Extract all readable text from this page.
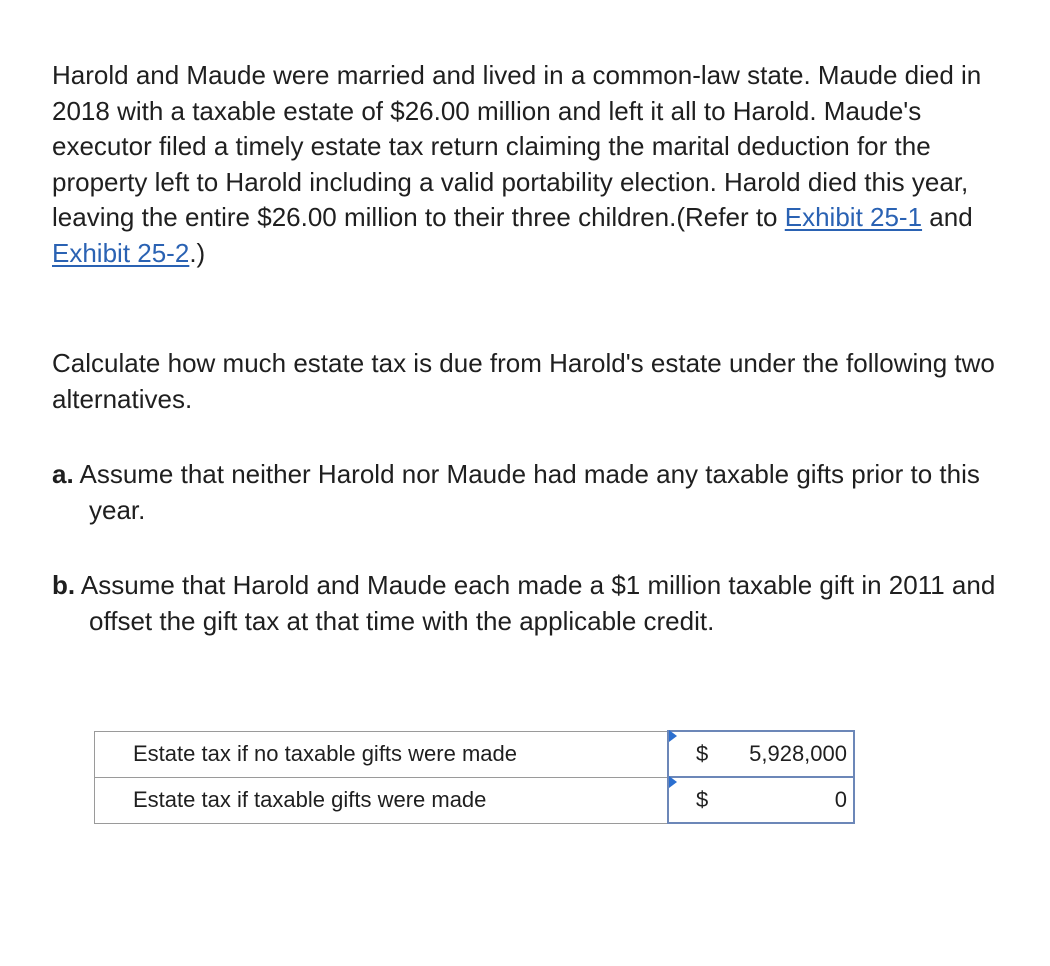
Harold and Maude were married and lived in a common-law state. Maude died in 2018 with a taxable estate of $26.00 million and left it all to Harold. Maude's executor filed a timely estate tax return claiming the marital deduction for the property left to Harold including a valid portability election. Harold died this year, leaving the entire $26.00 million to their three children.(Refer to Exhibit 25-1 and Exhibit 25-2.)

Calculate how much estate tax is due from Harold's estate under the following two alternatives.

a. Assume that neither Harold nor Maude had made any taxable gifts prior to this year.

b. Assume that Harold and Maude each made a $1 million taxable gift in 2011 and offset the gift tax at that time with the applicable credit.

Estate tax if no taxable gifts were made	$ 5,928,000

Estate tax if taxable gifts were made	$ 0
